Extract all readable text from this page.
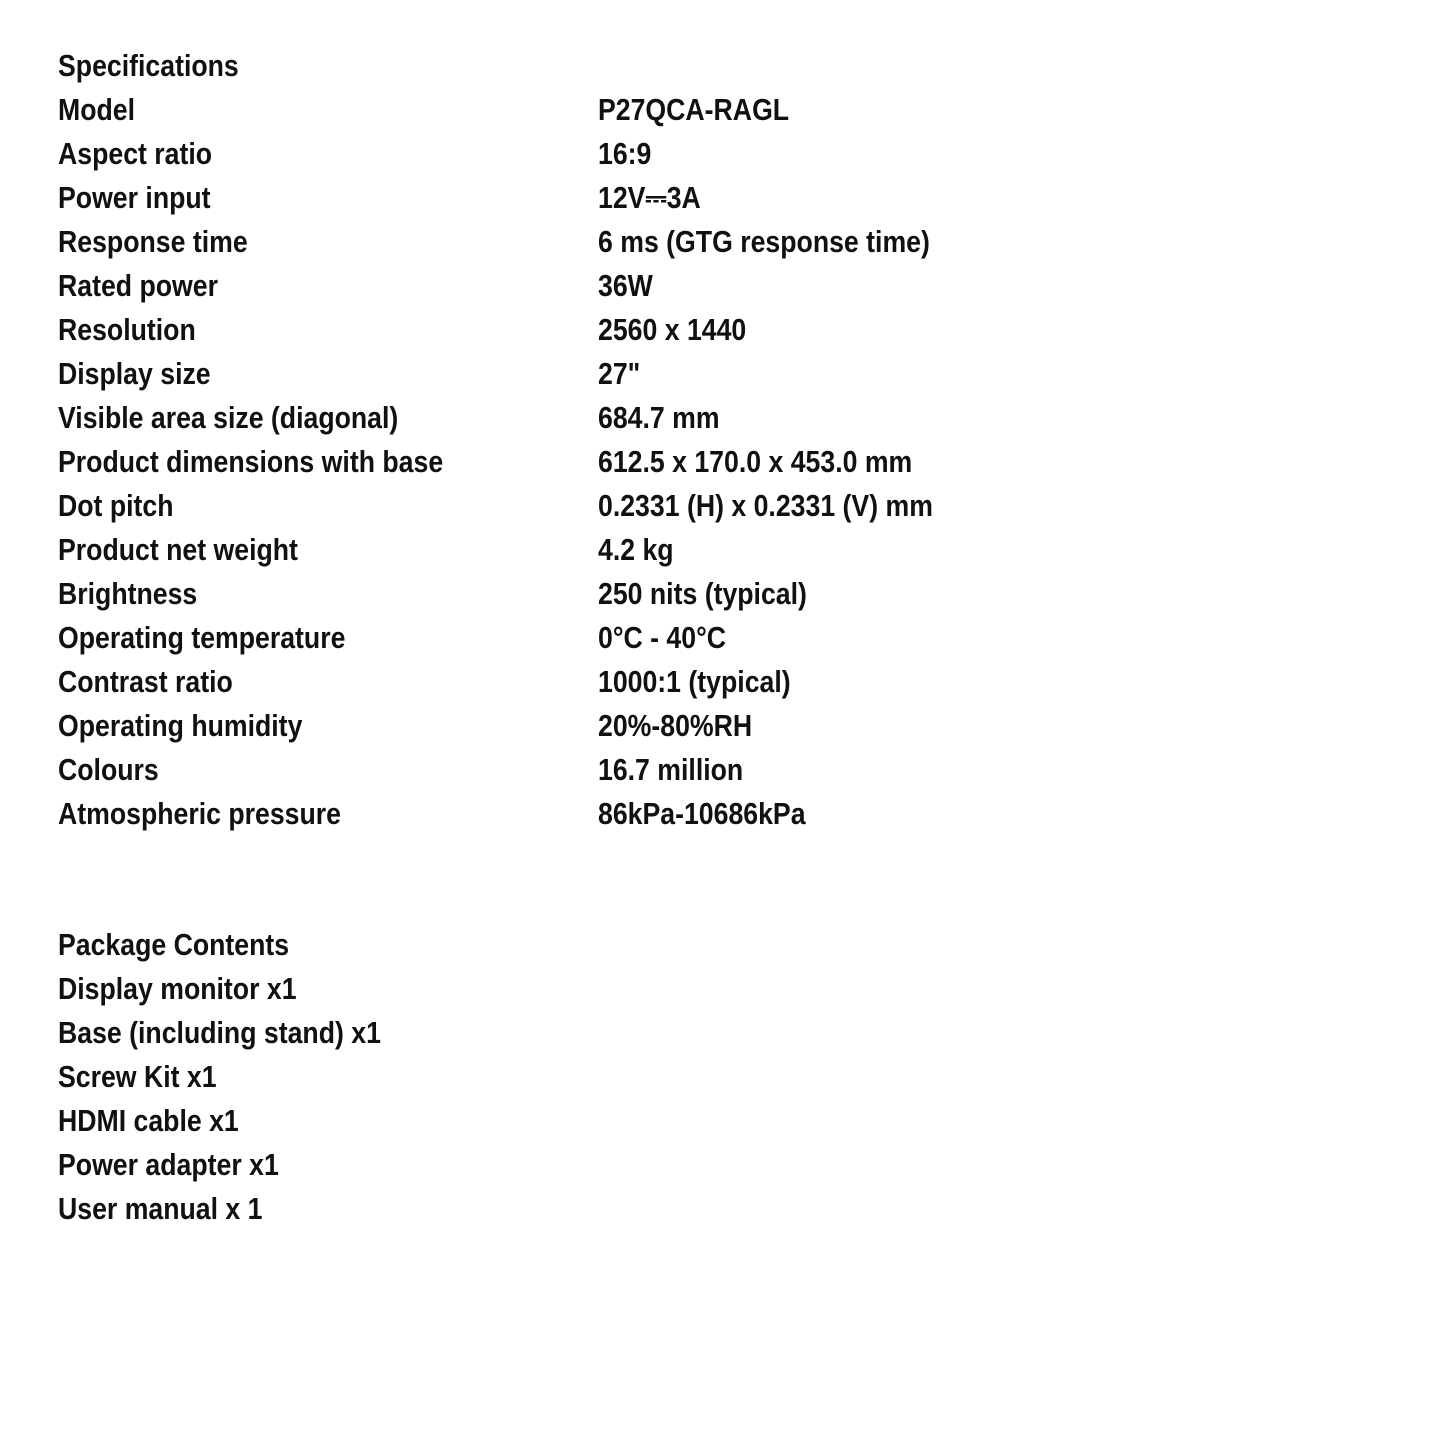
Specifications
Model	P27QCA-RAGL
Aspect ratio	16:9
Power input	12V⎓3A
Response time	6 ms (GTG response time)
Rated power	36W
Resolution	2560 x 1440
Display size	27"
Visible area size (diagonal)	684.7 mm
Product dimensions with base	612.5 x 170.0 x 453.0 mm
Dot pitch	0.2331 (H) x 0.2331 (V) mm
Product net weight	4.2 kg
Brightness	250 nits (typical)
Operating temperature	0°C - 40°C
Contrast ratio	1000:1 (typical)
Operating humidity	20%-80%RH
Colours	16.7 million
Atmospheric pressure	86kPa-10686kPa
Package Contents
Display monitor x1
Base (including stand) x1
Screw Kit x1
HDMI cable x1
Power adapter x1
User manual x 1
